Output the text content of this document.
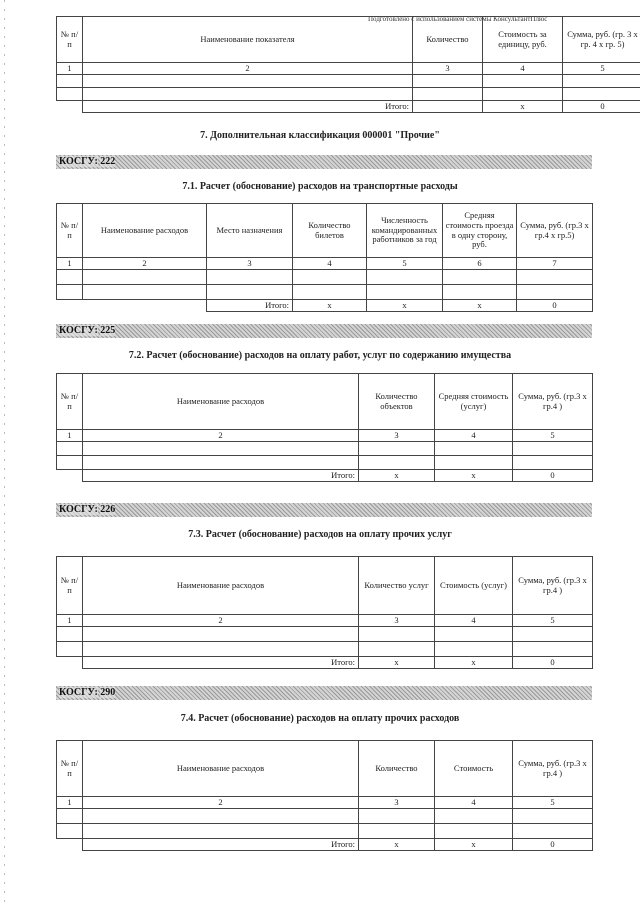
Подготовлено с использованием системы КонсультантПлюс
№ п/п	Наименование показателя	Количество	Стоимость за единицу, руб.	Сумма, руб. (гр. 3 х гр. 4 х гр. 5)
1	2	3	4	5

	Итого:		x	0
7. Дополнительная классификация 000001 "Прочие"
КОСГУ: 222
7.1. Расчет (обоснование) расходов на транспортные расходы
№ п/п	Наименование расходов	Место назначения	Количество билетов	Численность командированных работников за год	Средняя стоимость проезда в одну сторону, руб.	Сумма, руб. (гр.3 х гр.4 х гр.5)
1	2	3	4	5	6	7

		Итого:	x	x	x	0
КОСГУ: 225
7.2. Расчет (обоснование) расходов на оплату работ, услуг по содержанию имущества
№ п/п	Наименование расходов	Количество объектов	Средняя стоимость (услуг)	Сумма, руб. (гр.3 х гр.4 )
1	2	3	4	5

	Итого:	x	x	0
КОСГУ: 226
7.3. Расчет (обоснование) расходов на оплату прочих услуг
№ п/п	Наименование расходов	Количество услуг	Стоимость (услуг)	Сумма, руб. (гр.3 х гр.4 )
1	2	3	4	5

	Итого:	x	x	0
КОСГУ: 290
7.4. Расчет (обоснование) расходов на оплату прочих расходов
№ п/п	Наименование расходов	Количество	Стоимость	Сумма, руб. (гр.3 х гр.4 )
1	2	3	4	5

	Итого:	x	x	0
